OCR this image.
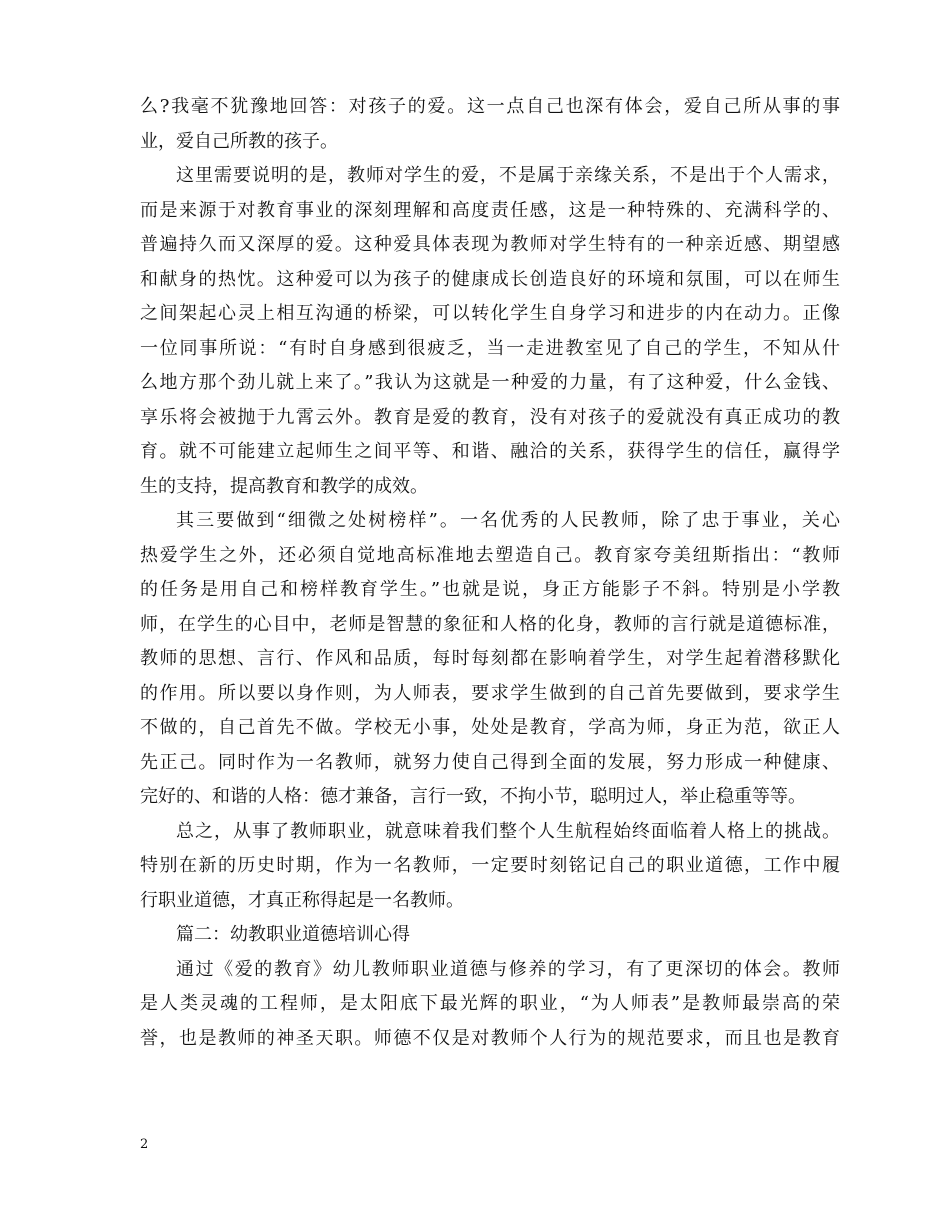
么?我毫不犹豫地回答：对孩子的爱。这一点自己也深有体会，爱自己所从事的事
业，爱自己所教的孩子。
这里需要说明的是，教师对学生的爱，不是属于亲缘关系，不是出于个人需求，
而是来源于对教育事业的深刻理解和高度责任感，这是一种特殊的、充满科学的、
普遍持久而又深厚的爱。这种爱具体表现为教师对学生特有的一种亲近感、期望感
和献身的热忱。这种爱可以为孩子的健康成长创造良好的环境和氛围，可以在师生
之间架起心灵上相互沟通的桥梁，可以转化学生自身学习和进步的内在动力。正像
一位同事所说：“有时自身感到很疲乏，当一走进教室见了自己的学生，不知从什
么地方那个劲儿就上来了。”我认为这就是一种爱的力量，有了这种爱，什么金钱、
享乐将会被抛于九霄云外。教育是爱的教育，没有对孩子的爱就没有真正成功的教
育。就不可能建立起师生之间平等、和谐、融洽的关系，获得学生的信任，赢得学
生的支持，提高教育和教学的成效。
其三要做到“细微之处树榜样”。一名优秀的人民教师，除了忠于事业，关心
热爱学生之外，还必须自觉地高标准地去塑造自己。教育家夸美纽斯指出：“教师
的任务是用自己和榜样教育学生。”也就是说，身正方能影子不斜。特别是小学教
师，在学生的心目中，老师是智慧的象征和人格的化身，教师的言行就是道德标准，
教师的思想、言行、作风和品质，每时每刻都在影响着学生，对学生起着潜移默化
的作用。所以要以身作则，为人师表，要求学生做到的自己首先要做到，要求学生
不做的，自己首先不做。学校无小事，处处是教育，学高为师，身正为范，欲正人
先正己。同时作为一名教师，就努力使自己得到全面的发展，努力形成一种健康、
完好的、和谐的人格：德才兼备，言行一致，不拘小节，聪明过人，举止稳重等等。
总之，从事了教师职业，就意味着我们整个人生航程始终面临着人格上的挑战。
特别在新的历史时期，作为一名教师，一定要时刻铭记自己的职业道德，工作中履
行职业道德，才真正称得起是一名教师。
篇二：幼教职业道德培训心得
通过《爱的教育》幼儿教师职业道德与修养的学习，有了更深切的体会。教师
是人类灵魂的工程师，是太阳底下最光辉的职业，“为人师表”是教师最崇高的荣
誉，也是教师的神圣天职。师德不仅是对教师个人行为的规范要求，而且也是教育
2
